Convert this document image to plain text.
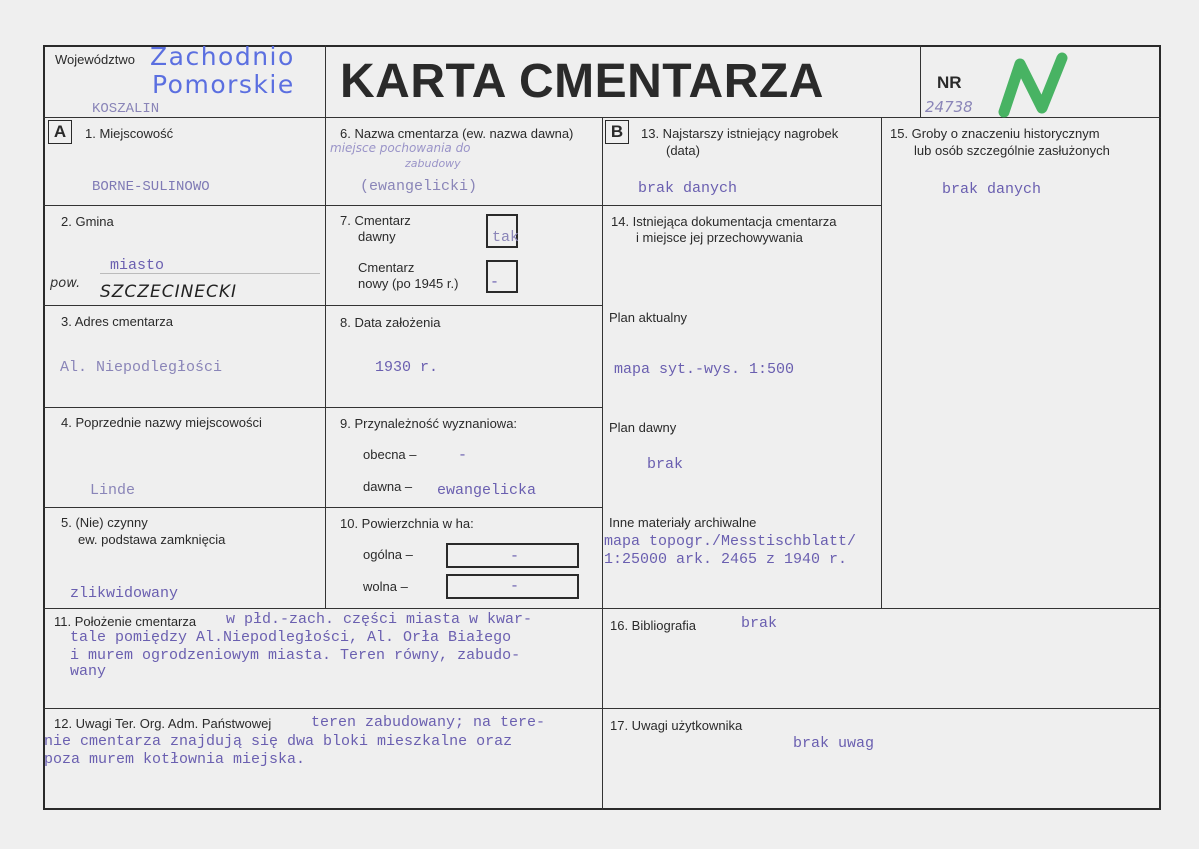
Województwo Zachodnio
Pomorskie
KOSZALIN
KARTA CMENTARZA	NR
24738
A	B
1. Miejscowość
BORNE-SULINOWO
2. Gmina
miasto
pow. SZCZECINECKI
3. Adres cmentarza
Al. Niepodległości
4. Poprzednie nazwy miejscowości
Linde
5. (Nie) czynny
ew. podstawa zamknięcia
zlikwidowany
6. Nazwa cmentarza (ew. nazwa dawna)
miejsce pochowania do
zabudowy
(ewangelicki)
7. Cmentarz
dawny	tak
Cmentarz
nowy (po 1945 r.) -
8. Data założenia
1930 r.
9. Przynależność wyznaniowa:
obecna –	-
dawna – ewangelicka
10. Powierzchnia w ha:
ogólna –	-
wolna –	-
11. Położenie cmentarza w płd.-zach. części miasta w kwar-
tale pomiędzy Al.Niepodległości, Al. Orła Białego
i murem ogrodzeniowym miasta. Teren równy, zabudo-
wany
12. Uwagi Ter. Org. Adm. Państwowej	teren zabudowany; na tere-
nie cmentarza znajdują się dwa bloki mieszkalne oraz
poza murem kotłownia miejska.
13. Najstarszy istniejący nagrobek
(data)
brak danych
14. Istniejąca dokumentacja cmentarza
i miejsce jej przechowywania
Plan aktualny
mapa syt.-wys. 1:500
Plan dawny
brak
Inne materiały archiwalne
mapa topogr./Messtischblatt/
1:25000 ark. 2465 z 1940 r.
15. Groby o znaczeniu historycznym
lub osób szczególnie zasłużonych
brak danych
16. Bibliografia	brak
17. Uwagi użytkownika
brak uwag
